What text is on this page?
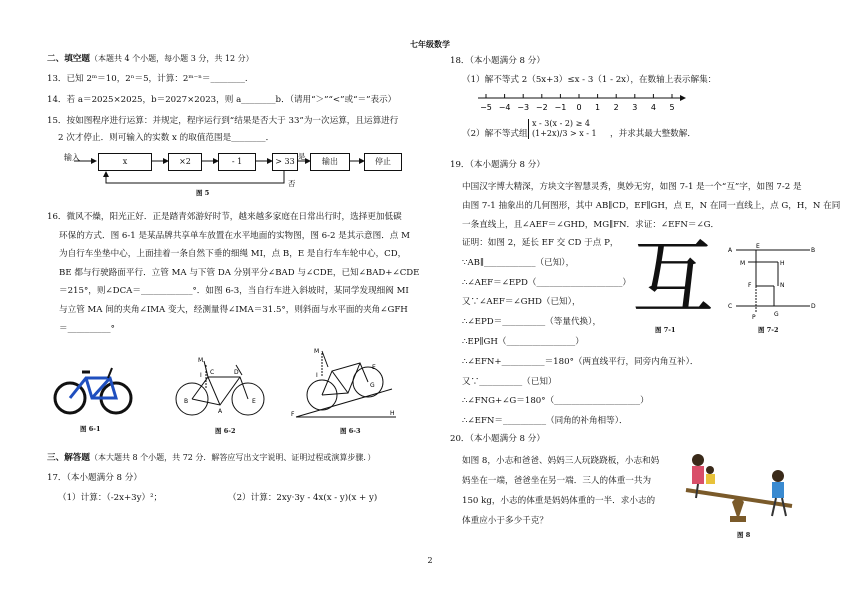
七年级数学
2
二、填空题（本题共 4 个小题，每小题 3 分，共 12 分）
13．已知 2ᵐ＝10，2ⁿ＝5，计算：2ᵐ⁻ⁿ＝________.
14．若 a＝2025×2025，b＝2027×2023，则 a________b．（请用“＞”“<”或“＝”表示）
15．按如图程序进行运算：并规定，程序运行到“结果是否大于 33”为一次运算，且运算进行
2 次才停止．则可输入的实数 x 的取值范围是________．
输入	x	×2	- 1	> 33
是
输出	停止
否
图 5
16．微风不燥，阳光正好．正是踏青郊游好时节，越来越多家庭在日常出行时，选择更加低碳
环保的方式．图 6-1 是某品牌共享单车放置在水平地面的实物图，图 6-2 是其示意图．点 M
为自行车坐垫中心，上面挂着一条自然下垂的细绳 MI，点 B，E 是自行车车轮中心，CD，
BE 都与行驶路面平行．立管 MA 与下管 DA 分别平分∠BAD 与∠CDE，已知∠BAD+∠CDE
＝215°，则∠DCA＝____________°．如图 6-3，当自行车进入斜坡时，某同学发现细阀 MI
与立管 MA 间的夹角∠IMA 变大，经测量得∠IMA＝31.5°，则斜面与水平面的夹角∠GFH
＝__________°
图 6-1
M
I
B	E
A
D
C
图 6-2
M
I
F	H
G
E
图 6-3
三、解答题（本大题共 8 个小题，共 72 分．解答应写出文字说明、证明过程或演算步骤．）
17．（本小题满分 8 分）
（1）计算：（-2x+3y）²；	（2）计算：2xy·3y - 4x(x - y)(x + y)
18．（本小题满分 8 分）
（1）解不等式 2（5x+3）≤x - 3（1 - 2x），在数轴上表示解集：
−5 −4 −3 −2 −1 0 1 2 3 4 5
（2）解不等式组
x - 3(x - 2) ≥ 4
(1+2x)/3 > x - 1 ，并求其最大整数解．
19．（本小题满分 8 分）
中国汉字博大精深，方块文字智慧灵秀，奥妙无穷，如图 7-1 是一个“互”字，如图 7-2 是
由图 7-1 抽象出的几何图形，其中 AB∥CD，EF∥GH，点 E，N 在同一直线上，点 G，H，N 在同
一条直线上，且∠AEF＝∠GHD，MG∥FN．求证：∠EFN＝∠G．
证明：如图 2，延长 EF 交 CD 于点 P，
∵AB∥____________（已知），
∴∠AEF＝∠EPD（____________________）
又∵∠AEF＝∠GHD（已知），
∴∠EPD＝__________（等量代换），
∴EP∥GH（________________）
∴∠EFN+__________＝180°（两直线平行，同旁内角互补）．
又∵__________（已知）
∴∠FNG+∠G＝180°（____________________）
∴∠EFN＝__________（同角的补角相等）．
互
图 7-1
A	B
C	D
E
M	H
N
F
G
P
图 7-2
20．（本小题满分 8 分）
如图 8，小志和爸爸、妈妈三人玩跷跷板，小志和妈
妈坐在一端，爸爸坐在另一端．三人的体重一共为
150 kg，小志的体重是妈妈体重的一半．求小志的
体重应小于多少千克？
图 8
